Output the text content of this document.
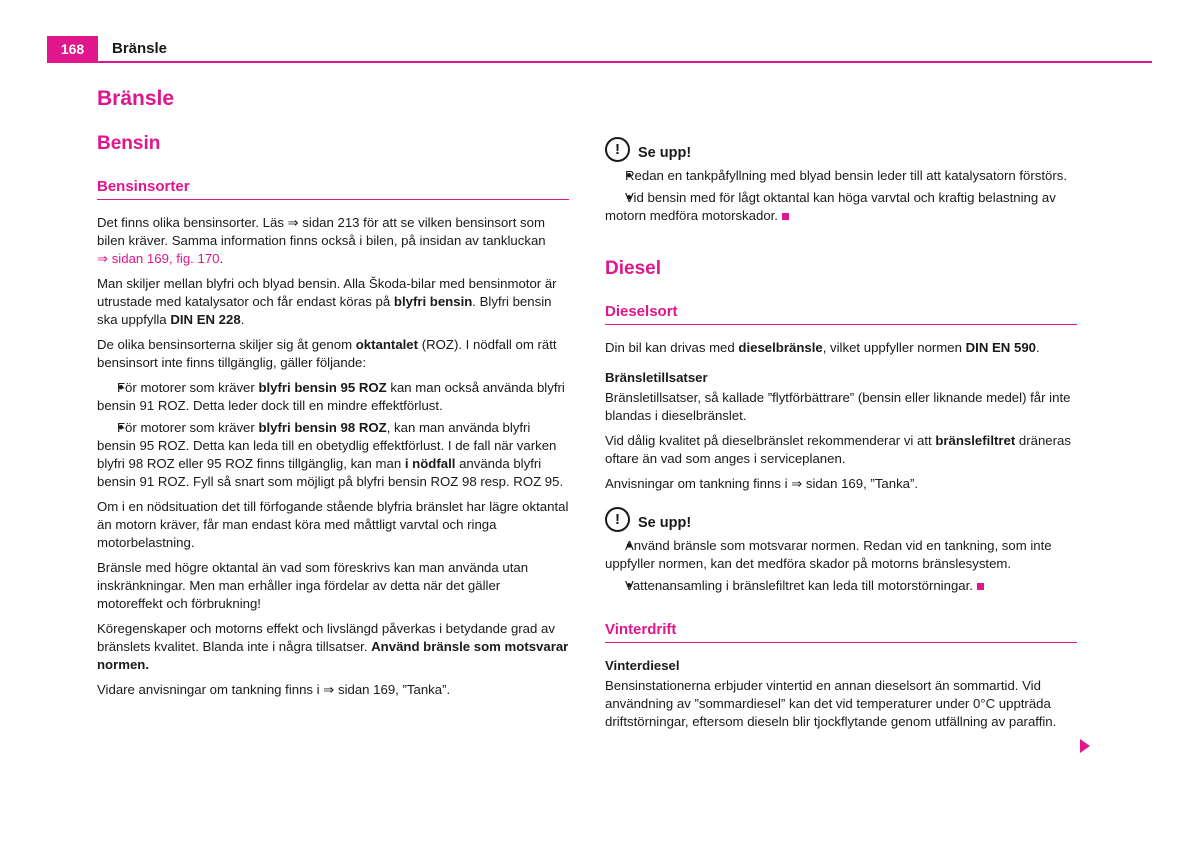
168	Bränsle
Bränsle
Bensin
Bensinsorter

Det finns olika bensinsorter. Läs ⇒ sidan 213 för att se vilken bensinsort som bilen kräver. Samma information finns också i bilen, på insidan av tankluckan
⇒ sidan 169, fig. 170.

Man skiljer mellan blyfri och blyad bensin. Alla Škoda-bilar med bensinmotor är utrustade med katalysator och får endast köras på blyfri bensin. Blyfri bensin ska uppfylla DIN EN 228.

De olika bensinsorterna skiljer sig åt genom oktantalet (ROZ). I nödfall om rätt bensinsort inte finns tillgänglig, gäller följande:

● För motorer som kräver blyfri bensin 95 ROZ kan man också använda blyfri bensin 91 ROZ. Detta leder dock till en mindre effektförlust.

● För motorer som kräver blyfri bensin 98 ROZ, kan man använda blyfri bensin 95 ROZ. Detta kan leda till en obetydlig effektförlust. I de fall när varken blyfri 98 ROZ eller 95 ROZ finns tillgänglig, kan man i nödfall använda blyfri bensin 91 ROZ. Fyll så snart som möjligt på blyfri bensin ROZ 98 resp. ROZ 95.

Om i en nödsituation det till förfogande stående blyfria bränslet har lägre oktantal än motorn kräver, får man endast köra med måttligt varvtal och ringa motorbelastning.

Bränsle med högre oktantal än vad som föreskrivs kan man använda utan inskränkningar. Men man erhåller inga fördelar av detta när det gäller motoreffekt och förbrukning!

Köregenskaper och motorns effekt och livslängd påverkas i betydande grad av bränslets kvalitet. Blanda inte i några tillsatser. Använd bränsle som motsvarar normen.

Vidare anvisningar om tankning finns i ⇒ sidan 169, ”Tanka”.

!	Se upp!

● Redan en tankpåfyllning med blyad bensin leder till att katalysatorn förstörs.

● Vid bensin med för lågt oktantal kan höga varvtal och kraftig belastning av motorn medföra motorskador.

Diesel
Dieselsort

Din bil kan drivas med dieselbränsle, vilket uppfyller normen DIN EN 590.

Bränsletillsatser

Bränsletillsatser, så kallade ”flytförbättrare” (bensin eller liknande medel) får inte blandas i dieselbränslet.

Vid dålig kvalitet på dieselbränslet rekommenderar vi att bränslefiltret dräneras oftare än vad som anges i serviceplanen.

Anvisningar om tankning finns i ⇒ sidan 169, ”Tanka”.

!	Se upp!

● Använd bränsle som motsvarar normen. Redan vid en tankning, som inte uppfyller normen, kan det medföra skador på motorns bränslesystem.

● Vattenansamling i bränslefiltret kan leda till motorstörningar.

Vinterdrift
Vinterdiesel

Bensinstationerna erbjuder vintertid en annan dieselsort än sommartid. Vid användning av ”sommardiesel” kan det vid temperaturer under 0°C uppträda driftstörningar, eftersom dieseln blir tjockflytande genom utfällning av paraffin.
